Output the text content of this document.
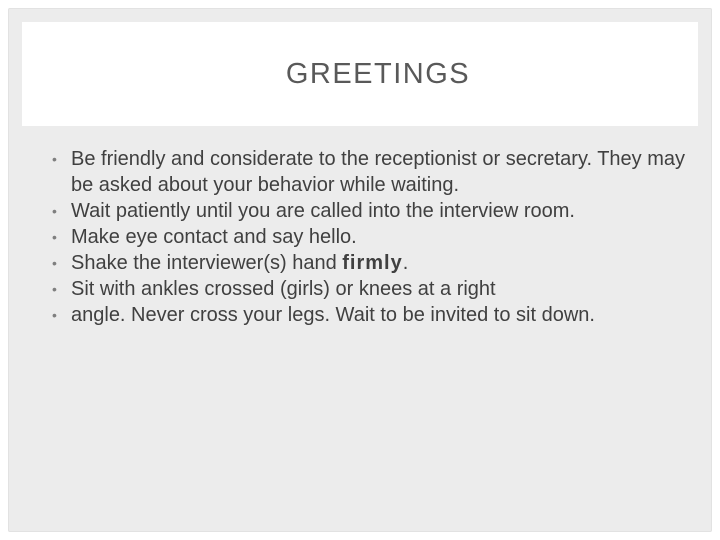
GREETINGS
• Be friendly and considerate to the receptionist or secretary. They may be asked about your behavior while waiting.
• Wait patiently until you are called into the interview room.
• Make eye contact and say hello.
• Shake the interviewer(s) hand firmly.
• Sit with ankles crossed (girls) or knees at a right
• angle. Never cross your legs. Wait to be invited to sit down.
